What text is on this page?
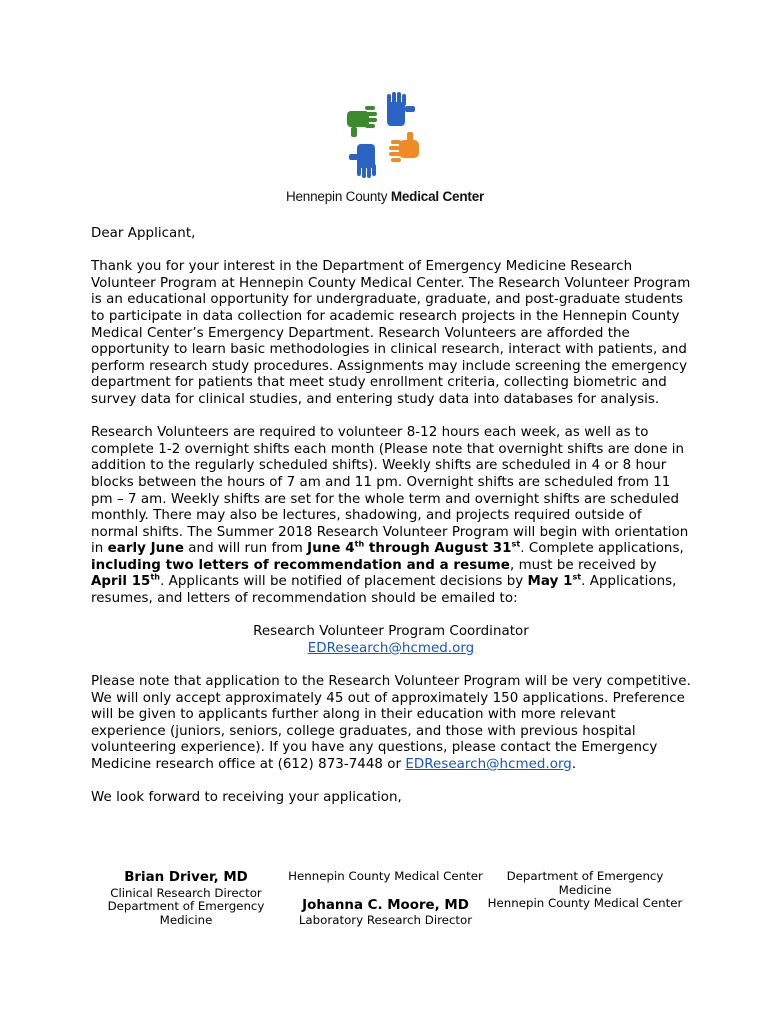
Hennepin County Medical Center

Dear Applicant,

Thank you for your interest in the Department of Emergency Medicine Research Volunteer Program at Hennepin County Medical Center. The Research Volunteer Program is an educational opportunity for undergraduate, graduate, and post-graduate students to participate in data collection for academic research projects in the Hennepin County Medical Center’s Emergency Department. Research Volunteers are afforded the opportunity to learn basic methodologies in clinical research, interact with patients, and perform research study procedures. Assignments may include screening the emergency department for patients that meet study enrollment criteria, collecting biometric and survey data for clinical studies, and entering study data into databases for analysis.

Research Volunteers are required to volunteer 8-12 hours each week, as well as to complete 1-2 overnight shifts each month (Please note that overnight shifts are done in addition to the regularly scheduled shifts). Weekly shifts are scheduled in 4 or 8 hour blocks between the hours of 7 am and 11 pm. Overnight shifts are scheduled from 11 pm – 7 am. Weekly shifts are set for the whole term and overnight shifts are scheduled monthly. There may also be lectures, shadowing, and projects required outside of normal shifts. The Summer 2018 Research Volunteer Program will begin with orientation in early June and will run from June 4th through August 31st. Complete applications, including two letters of recommendation and a resume, must be received by April 15th. Applicants will be notified of placement decisions by May 1st. Applications, resumes, and letters of recommendation should be emailed to:

Research Volunteer Program Coordinator
EDResearch@hcmed.org

Please note that application to the Research Volunteer Program will be very competitive. We will only accept approximately 45 out of approximately 150 applications. Preference will be given to applicants further along in their education with more relevant experience (juniors, seniors, college graduates, and those with previous hospital volunteering experience). If you have any questions, please contact the Emergency Medicine research office at (612) 873-7448 or EDResearch@hcmed.org.

We look forward to receiving your application,

Brian Driver, MD
Clinical Research Director
Department of Emergency
Medicine
Hennepin County Medical Center
Johanna C. Moore, MD
Laboratory Research Director
Department of Emergency
Medicine
Hennepin County Medical Center
